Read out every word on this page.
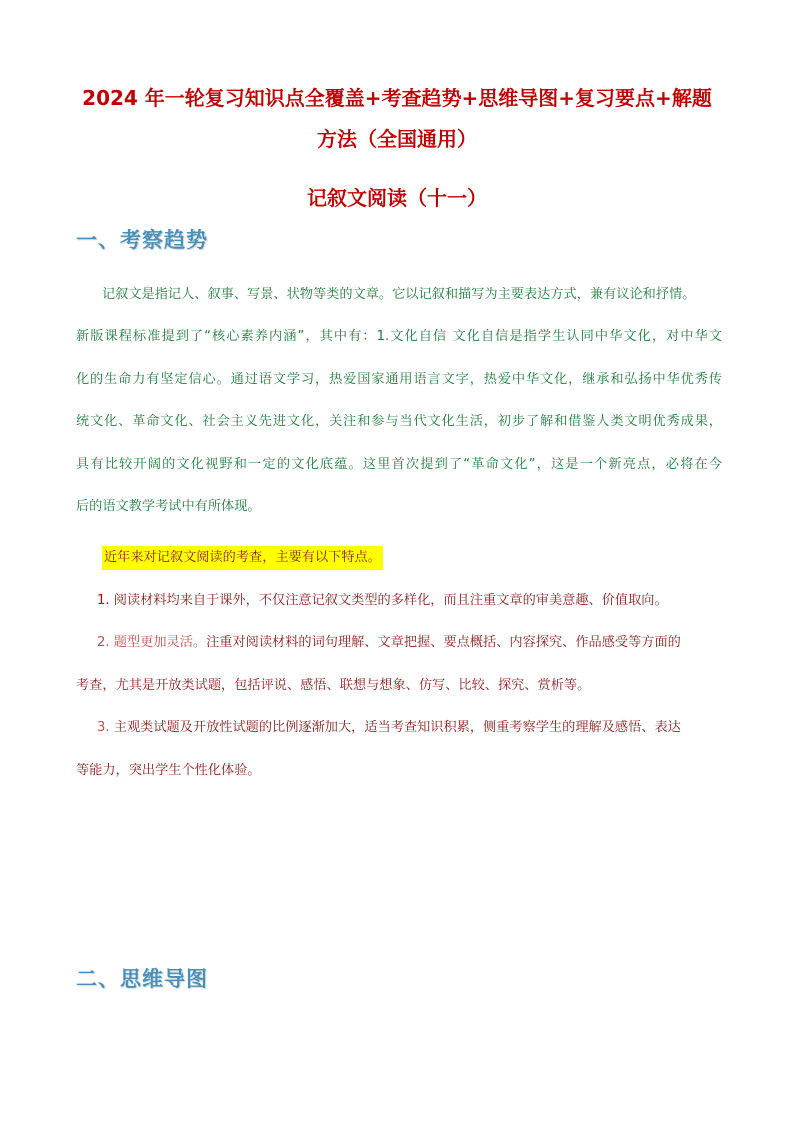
2024 年一轮复习知识点全覆盖+考查趋势+思维导图+复习要点+解题
方法（全国通用）
记叙文阅读（十一）
一、考察趋势
记叙文是指记人、叙事、写景、状物等类的文章。它以记叙和描写为主要表达方式，兼有议论和抒情。
新版课程标准提到了“核心素养内涵”，其中有：1.文化自信 文化自信是指学生认同中华文化，对中华文
化的生命力有坚定信心。通过语文学习，热爱国家通用语言文字，热爱中华文化，继承和弘扬中华优秀传
统文化、革命文化、社会主义先进文化，关注和参与当代文化生活，初步了解和借鉴人类文明优秀成果，
具有比较开阔的文化视野和一定的文化底蕴。这里首次提到了“革命文化”，这是一个新亮点，必将在今
后的语文教学考试中有所体现。
近年来对记叙文阅读的考查，主要有以下特点。
1. 阅读材料均来自于课外，不仅注意记叙文类型的多样化，而且注重文章的审美意趣、价值取向。
2. 题型更加灵活。注重对阅读材料的词句理解、文章把握、要点概括、内容探究、作品感受等方面的
考查，尤其是开放类试题，包括评说、感悟、联想与想象、仿写、比较、探究、赏析等。
3. 主观类试题及开放性试题的比例逐渐加大，适当考查知识积累，侧重考察学生的理解及感悟、表达
等能力，突出学生个性化体验。
二、思维导图
